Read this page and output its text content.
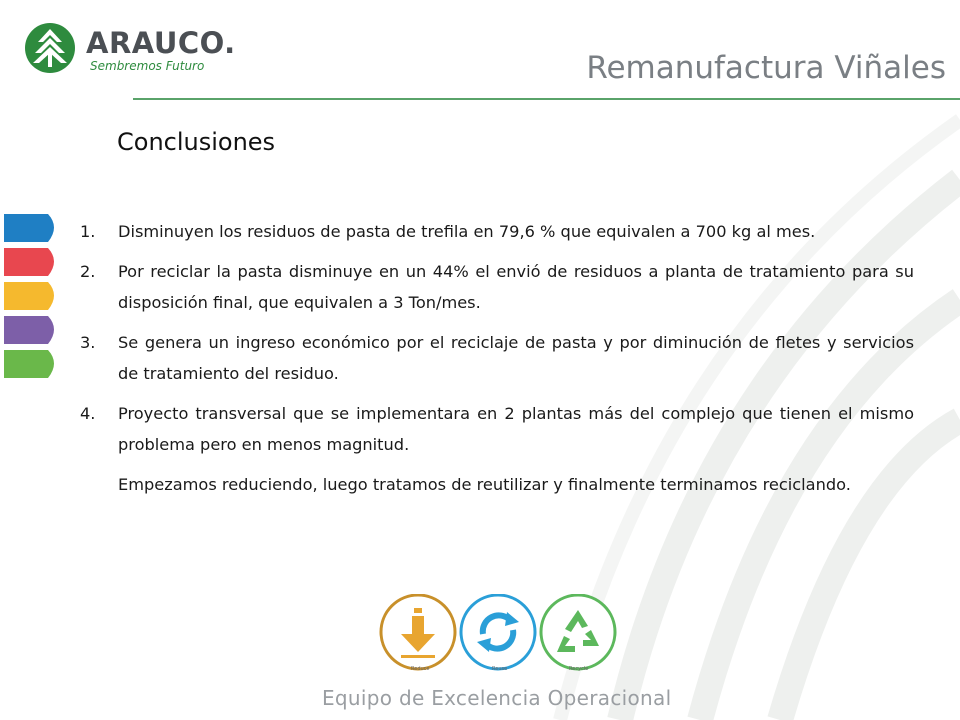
ARAUCO.
Sembremos Futuro	Remanufactura Viñales
Conclusiones
1.	Disminuyen los residuos de pasta de trefila en 79,6 % que equivalen a 700 kg al mes.
2.	Por reciclar la pasta disminuye en un 44% el envió de residuos a planta de tratamiento para su disposición final, que equivalen a 3 Ton/mes.
3.	Se genera un ingreso económico por el reciclaje de pasta y por diminución de fletes y servicios de tratamiento del residuo.
4.	Proyecto transversal que se implementara en 2 plantas más del complejo que tienen el mismo problema pero en menos magnitud.
Empezamos reduciendo, luego tratamos de reutilizar y finalmente terminamos reciclando.
Reduce	Reuse	Recycle
Equipo de Excelencia Operacional
